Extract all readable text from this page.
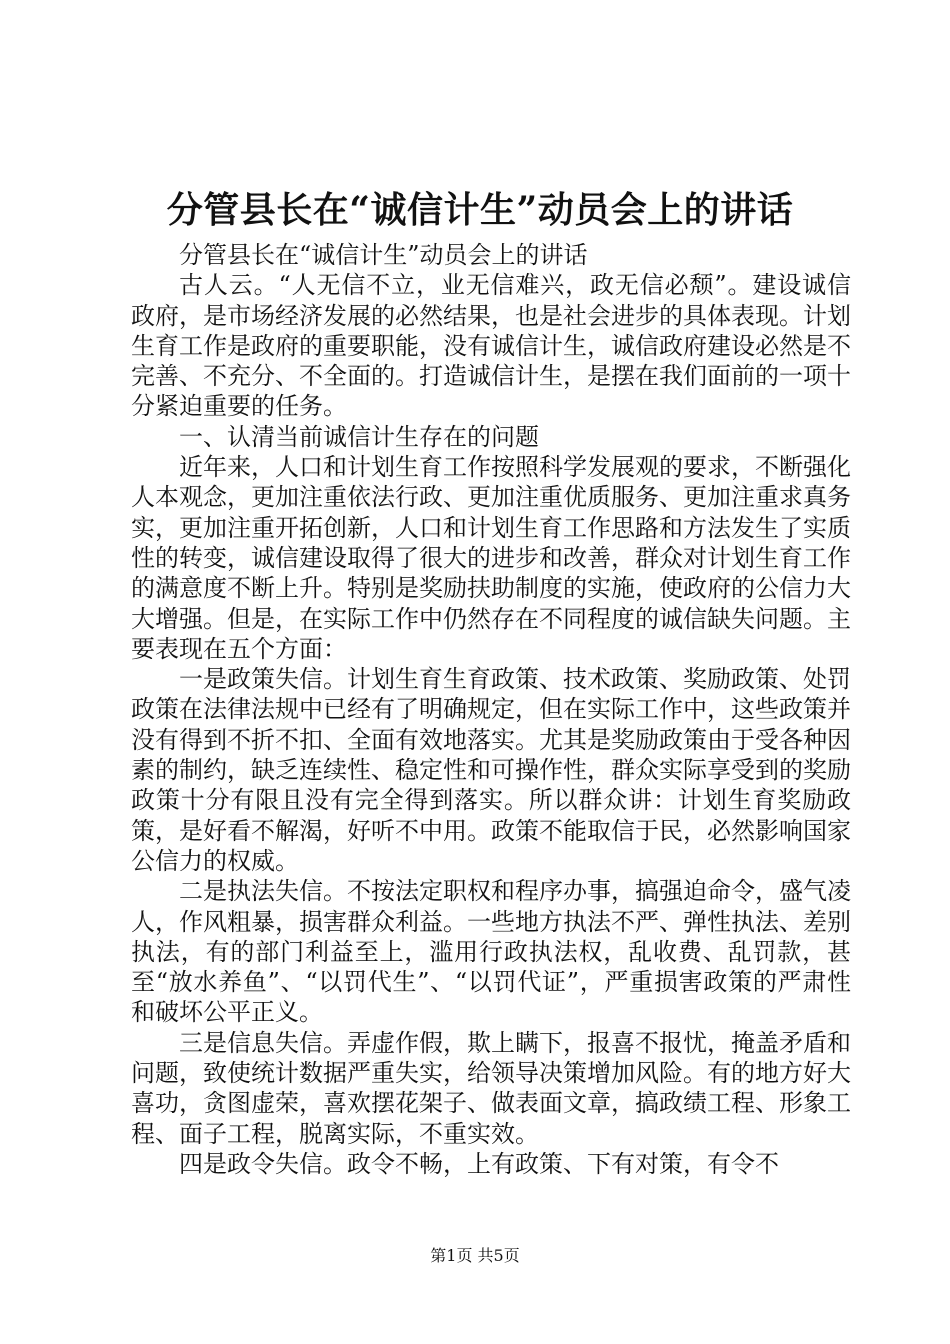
分管县长在“诚信计生”动员会上的讲话

分管县长在“诚信计生”动员会上的讲话

古人云。“人无信不立，业无信难兴，政无信必颓”。建设诚信政府，是市场经济发展的必然结果，也是社会进步的具体表现。计划生育工作是政府的重要职能，没有诚信计生，诚信政府建设必然是不完善、不充分、不全面的。打造诚信计生，是摆在我们面前的一项十分紧迫重要的任务。

一、认清当前诚信计生存在的问题

近年来，人口和计划生育工作按照科学发展观的要求，不断强化人本观念，更加注重依法行政、更加注重优质服务、更加注重求真务实，更加注重开拓创新，人口和计划生育工作思路和方法发生了实质性的转变，诚信建设取得了很大的进步和改善，群众对计划生育工作的满意度不断上升。特别是奖励扶助制度的实施，使政府的公信力大大增强。但是，在实际工作中仍然存在不同程度的诚信缺失问题。主要表现在五个方面：

一是政策失信。计划生育生育政策、技术政策、奖励政策、处罚政策在法律法规中已经有了明确规定，但在实际工作中，这些政策并没有得到不折不扣、全面有效地落实。尤其是奖励政策由于受各种因素的制约，缺乏连续性、稳定性和可操作性，群众实际享受到的奖励政策十分有限且没有完全得到落实。所以群众讲：计划生育奖励政策，是好看不解渴，好听不中用。政策不能取信于民，必然影响国家公信力的权威。

二是执法失信。不按法定职权和程序办事，搞强迫命令，盛气凌人，作风粗暴，损害群众利益。一些地方执法不严、弹性执法、差别执法，有的部门利益至上，滥用行政执法权，乱收费、乱罚款，甚至“放水养鱼”、“以罚代生”、“以罚代证”，严重损害政策的严肃性和破坏公平正义。

三是信息失信。弄虚作假，欺上瞒下，报喜不报忧，掩盖矛盾和问题，致使统计数据严重失实，给领导决策增加风险。有的地方好大喜功，贪图虚荣，喜欢摆花架子、做表面文章，搞政绩工程、形象工程、面子工程，脱离实际，不重实效。

四是政令失信。政令不畅，上有政策、下有对策，有令不

第1页 共5页
